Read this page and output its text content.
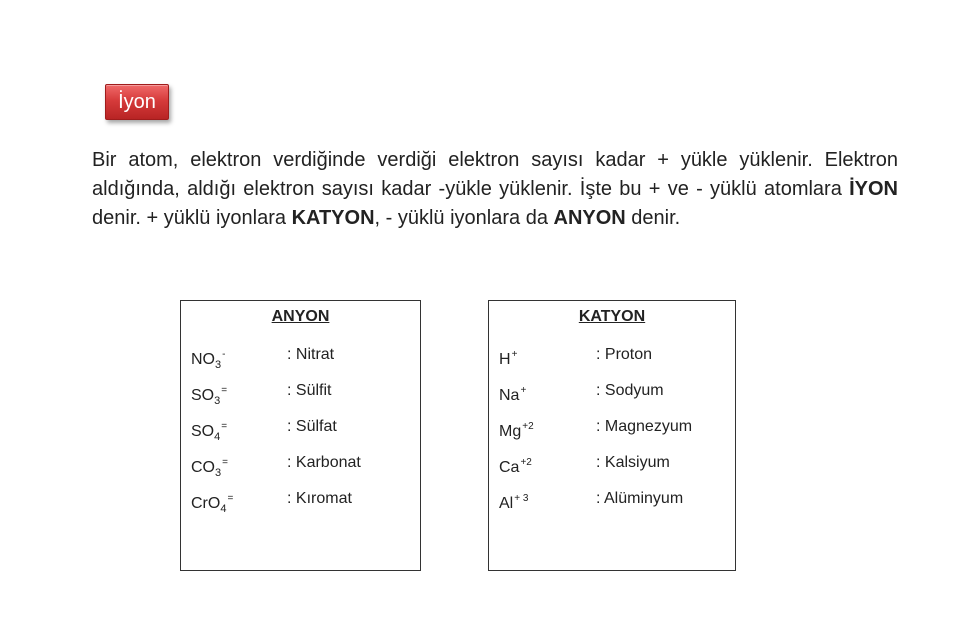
İyon

Bir atom, elektron verdiğinde verdiği elektron sayısı kadar + yükle yüklenir. Elektron aldığında, aldığı elektron sayısı kadar -yükle yüklenir. İşte bu + ve - yüklü atomlara İYON denir. + yüklü iyonlara KATYON, - yüklü iyonlara da ANYON denir.

ANYON
$NO_3^-$	: Nitrat
$SO_3^=$	: Sülfit
$SO_4^=$	: Sülfat
$CO_3^=$	: Karbonat
CrO$_4$=	: Kıromat
KATYON
H+	: Proton
Na+	: Sodyum
$Mg^{+2}$	: Magnezyum
$Ca^{+2}$	: Kalsiyum
$Al^{+ 3}$	: Alüminyum
